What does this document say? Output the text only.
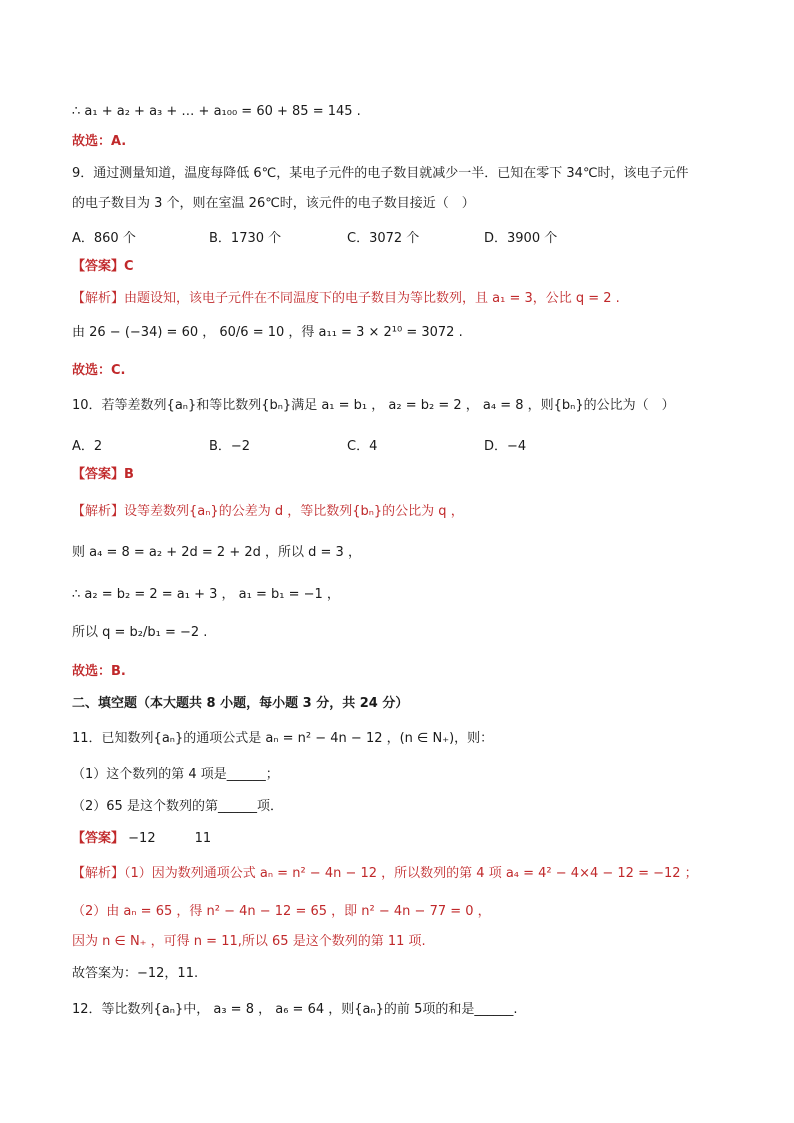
∴ a₁ + a₂ + a₃ + … + a₁₀₀ = 60 + 85 = 145 .
故选：A.
9．通过测量知道，温度每降低 6℃，某电子元件的电子数目就减少一半．已知在零下 34℃时，该电子元件
的电子数目为 3 个，则在室温 26℃时，该元件的电子数目接近（　）
A．860 个	B．1730 个	C．3072 个	D．3900 个
【答案】C
【解析】由题设知，该电子元件在不同温度下的电子数目为等比数列，且 a₁ = 3，公比 q = 2 .
由 26 − (−34) = 60 ， 60/6 = 10 ，得 a₁₁ = 3 × 2¹⁰ = 3072 .
故选：C.
10．若等差数列{aₙ}和等比数列{bₙ}满足 a₁ = b₁ ， a₂ = b₂ = 2 ， a₄ = 8 ，则{bₙ}的公比为（　）
A．2	B．−2	C．4	D．−4
【答案】B
【解析】设等差数列{aₙ}的公差为 d ，等比数列{bₙ}的公比为 q ，
则 a₄ = 8 = a₂ + 2d = 2 + 2d ，所以 d = 3 ，
∴ a₂ = b₂ = 2 = a₁ + 3 ， a₁ = b₁ = −1 ，
所以 q = b₂/b₁ = −2 .
故选：B.
二、填空题（本大题共 8 小题，每小题 3 分，共 24 分）
11．已知数列{aₙ}的通项公式是 aₙ = n² − 4n − 12 ，(n ∈ N₊)，则：
（1）这个数列的第 4 项是______；
（2）65 是这个数列的第______项．
【答案】 −12　　　11
【解析】（1）因为数列通项公式 aₙ = n² − 4n − 12 ，所以数列的第 4 项 a₄ = 4² − 4×4 − 12 = −12 ；
（2）由 aₙ = 65 ，得 n² − 4n − 12 = 65 ，即 n² − 4n − 77 = 0 ，
因为 n ∈ N₊ ，可得 n = 11,所以 65 是这个数列的第 11 项.
故答案为：−12，11.
12．等比数列{aₙ}中， a₃ = 8 ， a₆ = 64 ，则{aₙ}的前 5项的和是______.
